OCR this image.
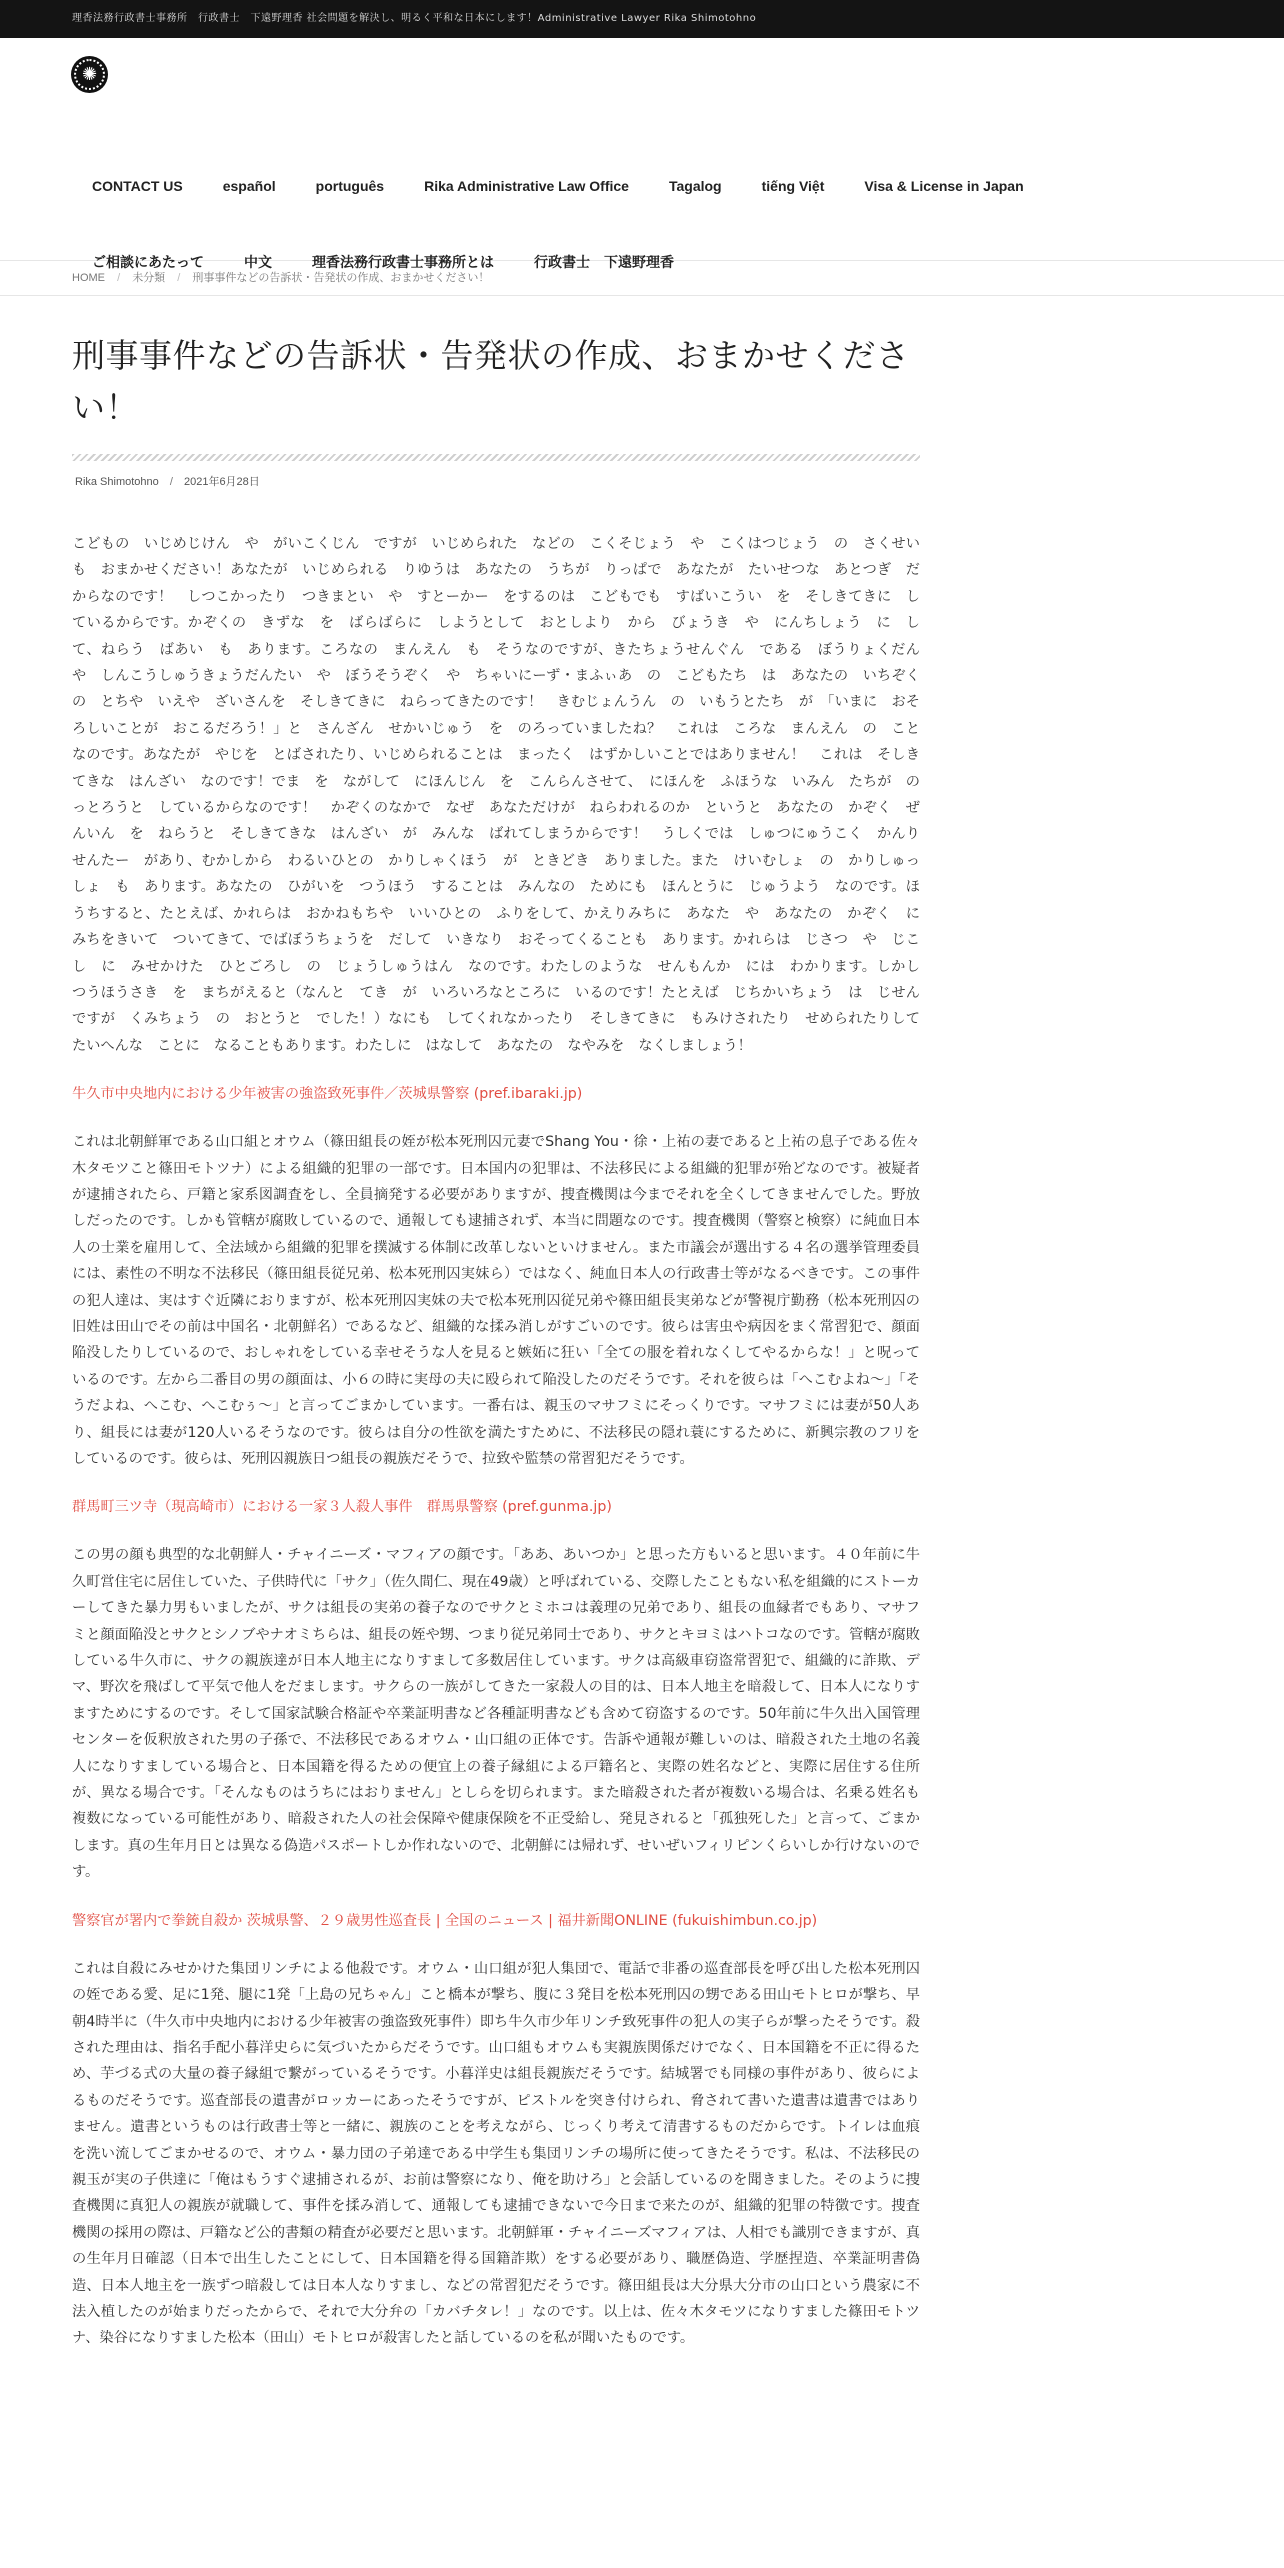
理香法務行政書士事務所　行政書士　下遠野理香 社会問題を解決し、明るく平和な日本にします！Administrative Lawyer Rika Shimotohno
✺
CONTACT US	español	português	Rika Administrative Law Office	Tagalog	tiếng Việt	Visa & License in Japan
ご相談にあたって	中文	理香法務行政書士事務所とは	行政書士　下遠野理香
HOME / 未分類 / 刑事事件などの告訴状・告発状の作成、おまかせください！
刑事事件などの告訴状・告発状の作成、おまかせください！
Rika Shimotohno / 2021年6月28日

こどもの　いじめじけん　や　がいこくじん　ですが　いじめられた　などの　こくそじょう　や　こくはつじょう　の　さくせいも　おまかせください！あなたが　いじめられる　りゆうは　あなたの　うちが　りっぱで　あなたが　たいせつな　あとつぎ　だからなのです！　しつこかったり　つきまとい　や　すとーかー　をするのは　こどもでも　すばいこうい　を　そしきてきに　しているからです。かぞくの　きずな　を　ばらばらに　しようとして　おとしより　から　びょうき　や　にんちしょう　に　して、ねらう　ばあい　も　あります。ころなの　まんえん　も　そうなのですが、きたちょうせんぐん　である　ぼうりょくだん　や　しんこうしゅうきょうだんたい　や　ぼうそうぞく　や　ちゃいにーず・まふぃあ　の　こどもたち　は　あなたの　いちぞくの　とちや　いえや　ざいさんを　そしきてきに　ねらってきたのです！　きむじょんうん　の　いもうとたち　が　「いまに　おそろしいことが　おこるだろう！」と　さんざん　せかいじゅう　を　のろっていましたね？　これは　ころな　まんえん　の　ことなのです。あなたが　やじを　とばされたり、いじめられることは　まったく　はずかしいことではありません！　これは　そしきてきな　はんざい　なのです！でま　を　ながして　にほんじん　を　こんらんさせて、　にほんを　ふほうな　いみん　たちが　のっとろうと　しているからなのです！　かぞくのなかで　なぜ　あなただけが　ねらわれるのか　というと　あなたの　かぞく　ぜんいん　を　ねらうと　そしきてきな　はんざい　が　みんな　ばれてしまうからです！　うしくでは　しゅつにゅうこく　かんりせんたー　があり、むかしから　わるいひとの　かりしゃくほう　が　ときどき　ありました。また　けいむしょ　の　かりしゅっしょ　も　あります。あなたの　ひがいを　つうほう　することは　みんなの　ためにも　ほんとうに　じゅうよう　なのです。ほうちすると、たとえば、かれらは　おかねもちや　いいひとの　ふりをして、かえりみちに　あなた　や　あなたの　かぞく　に　みちをきいて　ついてきて、でばぼうちょうを　だして　いきなり　おそってくることも　あります。かれらは　じさつ　や　じこし　に　みせかけた　ひとごろし　の　じょうしゅうはん　なのです。わたしのような　せんもんか　には　わかります。しかし　つうほうさき　を　まちがえると（なんと　てき　が　いろいろなところに　いるのです！たとえば　じちかいちょう　は　じせん　ですが　くみちょう　の　おとうと　でした！）なにも　してくれなかったり　そしきてきに　もみけされたり　せめられたりして　たいへんな　ことに　なることもあります。わたしに　はなして　あなたの　なやみを　なくしましょう！

牛久市中央地内における少年被害の強盗致死事件／茨城県警察 (pref.ibaraki.jp)

これは北朝鮮軍である山口組とオウム（篠田組長の姪が松本死刑囚元妻でShang You・徐・上祐の妻であると上祐の息子である佐々木タモツこと篠田モトツナ）による組織的犯罪の一部です。日本国内の犯罪は、不法移民による組織的犯罪が殆どなのです。被疑者が逮捕されたら、戸籍と家系図調査をし、全員摘発する必要がありますが、捜査機関は今までそれを全くしてきませんでした。野放しだったのです。しかも管轄が腐敗しているので、通報しても逮捕されず、本当に問題なのです。捜査機関（警察と検察）に純血日本人の士業を雇用して、全法域から組織的犯罪を撲滅する体制に改革しないといけません。また市議会が選出する４名の選挙管理委員には、素性の不明な不法移民（篠田組長従兄弟、松本死刑囚実妹ら）ではなく、純血日本人の行政書士等がなるべきです。この事件の犯人達は、実はすぐ近隣におりますが、松本死刑囚実妹の夫で松本死刑囚従兄弟や篠田組長実弟などが警視庁勤務（松本死刑囚の旧姓は田山でその前は中国名・北朝鮮名）であるなど、組織的な揉み消しがすごいのです。彼らは害虫や病因をまく常習犯で、顔面陥没したりしているので、おしゃれをしている幸せそうな人を見ると嫉妬に狂い「全ての服を着れなくしてやるからな！」と呪っているのです。左から二番目の男の顔面は、小６の時に実母の夫に殴られて陥没したのだそうです。それを彼らは「へこむよね～」「そうだよね、へこむ、へこむぅ～」と言ってごまかしています。一番右は、親玉のマサフミにそっくりです。マサフミには妻が50人あり、組長には妻が120人いるそうなのです。彼らは自分の性欲を満たすために、不法移民の隠れ蓑にするために、新興宗教のフリをしているのです。彼らは、死刑囚親族日つ組長の親族だそうで、拉致や監禁の常習犯だそうです。

群馬町三ツ寺（現高崎市）における一家３人殺人事件　群馬県警察 (pref.gunma.jp)

この男の顔も典型的な北朝鮮人・チャイニーズ・マフィアの顔です。「ああ、あいつか」と思った方もいると思います。４０年前に牛久町営住宅に居住していた、子供時代に「サク」（佐久間仁、現在49歳）と呼ばれている、交際したこともない私を組織的にストーカーしてきた暴力男もいましたが、サクは組長の実弟の養子なのでサクとミホコは義理の兄弟であり、組長の血縁者でもあり、マサフミと顔面陥没とサクとシノブやナオミちらは、組長の姪や甥、つまり従兄弟同士であり、サクとキヨミはハトコなのです。管轄が腐敗している牛久市に、サクの親族達が日本人地主になりすまして多数居住しています。サクは高級車窃盗常習犯で、組織的に詐欺、デマ、野次を飛ばして平気で他人をだまします。サクらの一族がしてきた一家殺人の目的は、日本人地主を暗殺して、日本人になりすますためにするのです。そして国家試験合格証や卒業証明書など各種証明書なども含めて窃盗するのです。50年前に牛久出入国管理センターを仮釈放された男の子孫で、不法移民であるオウム・山口組の正体です。告訴や通報が難しいのは、暗殺された土地の名義人になりすましている場合と、日本国籍を得るための便宜上の養子縁組による戸籍名と、実際の姓名などと、実際に居住する住所が、異なる場合です。「そんなものはうちにはおりません」としらを切られます。また暗殺された者が複数いる場合は、名乗る姓名も複数になっている可能性があり、暗殺された人の社会保障や健康保険を不正受給し、発見されると「孤独死した」と言って、ごまかします。真の生年月日とは異なる偽造パスポートしか作れないので、北朝鮮には帰れず、せいぜいフィリピンくらいしか行けないのです。

警察官が署内で拳銃自殺か 茨城県警、２９歳男性巡査長 | 全国のニュース | 福井新聞ONLINE (fukuishimbun.co.jp)

これは自殺にみせかけた集団リンチによる他殺です。オウム・山口組が犯人集団で、電話で非番の巡査部長を呼び出した松本死刑囚の姪である愛、足に1発、腿に1発「上島の兄ちゃん」こと橋本が撃ち、腹に３発目を松本死刑囚の甥である田山モトヒロが撃ち、早朝4時半に（牛久市中央地内における少年被害の強盗致死事件）即ち牛久市少年リンチ致死事件の犯人の実子らが撃ったそうです。殺された理由は、指名手配小暮洋史らに気づいたからだそうです。山口組もオウムも実親族関係だけでなく、日本国籍を不正に得るため、芋づる式の大量の養子縁組で繋がっているそうです。小暮洋史は組長親族だそうです。結城署でも同様の事件があり、彼らによるものだそうです。巡査部長の遺書がロッカーにあったそうですが、ピストルを突き付けられ、脅されて書いた遺書は遺書ではありません。遺書というものは行政書士等と一緒に、親族のことを考えながら、じっくり考えて清書するものだからです。トイレは血痕を洗い流してごまかせるので、オウム・暴力団の子弟達である中学生も集団リンチの場所に使ってきたそうです。私は、不法移民の親玉が実の子供達に「俺はもうすぐ逮捕されるが、お前は警察になり、俺を助けろ」と会話しているのを聞きました。そのように捜査機関に真犯人の親族が就職して、事件を揉み消して、通報しても逮捕できないで今日まで来たのが、組織的犯罪の特徴です。捜査機関の採用の際は、戸籍など公的書類の精査が必要だと思います。北朝鮮軍・チャイニーズマフィアは、人相でも識別できますが、真の生年月日確認（日本で出生したことにして、日本国籍を得る国籍詐欺）をする必要があり、職歴偽造、学歴捏造、卒業証明書偽造、日本人地主を一族ずつ暗殺しては日本人なりすまし、などの常習犯だそうです。篠田組長は大分県大分市の山口という農家に不法入植したのが始まりだったからで、それで大分弁の「カバチタレ！」なのです。以上は、佐々木タモツになりすました篠田モトツナ、染谷になりすました松本（田山）モトヒロが殺害したと話しているのを私が聞いたものです。
